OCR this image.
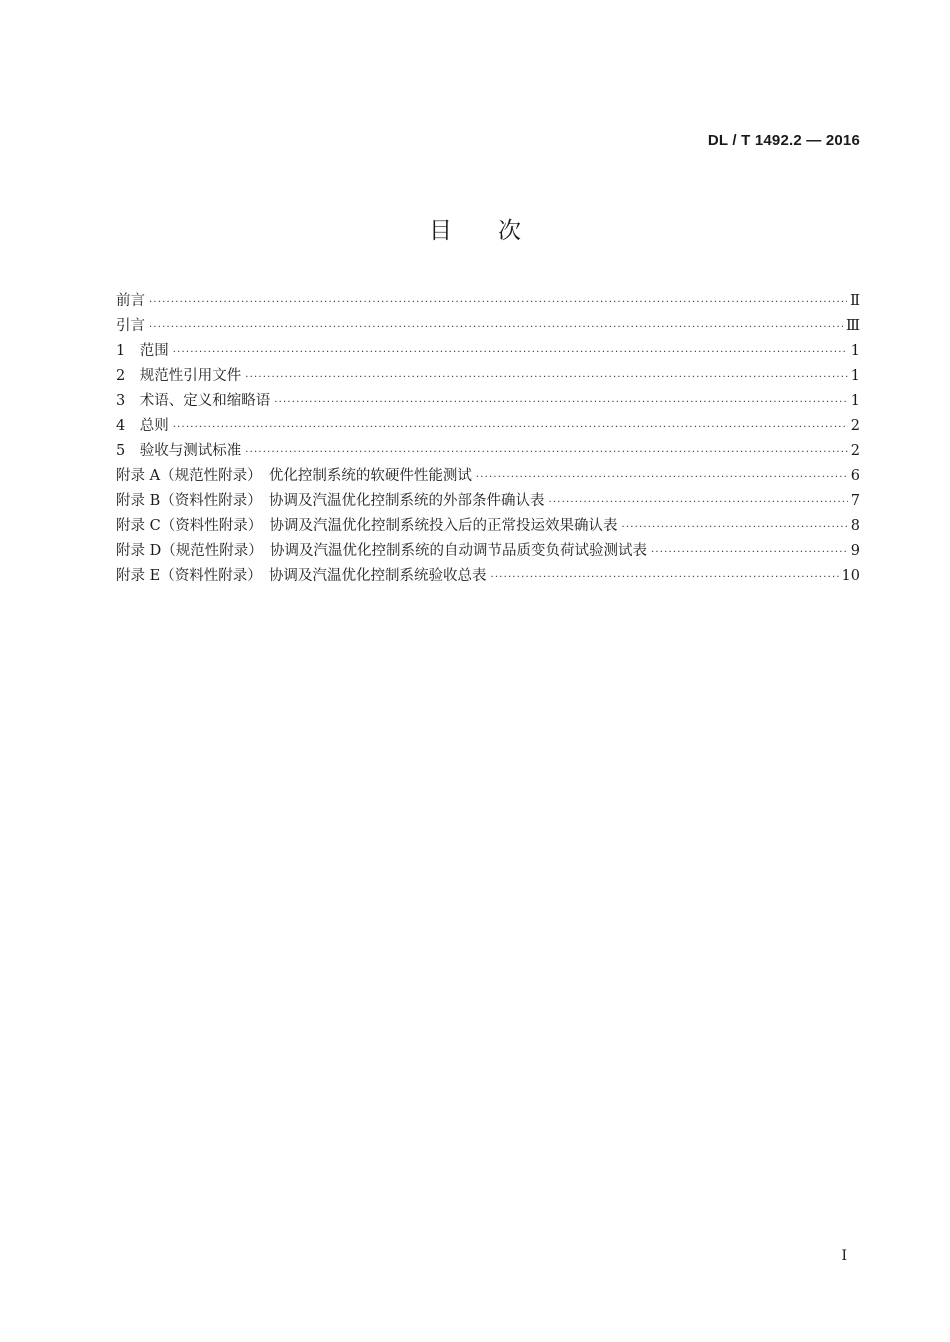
DL / T 1492.2 — 2016
目次
前言 ·····	Ⅱ
引言 ·····	Ⅲ
1　范围 ·····	1
2　规范性引用文件 ·····	1
3　术语、定义和缩略语 ·····	1
4　总则 ·····	2
5　验收与测试标准 ·····	2
附录 A（规范性附录）　优化控制系统的软硬件性能测试 ·····	6
附录 B（资料性附录）　协调及汽温优化控制系统的外部条件确认表 ·····	7
附录 C（资料性附录）　协调及汽温优化控制系统投入后的正常投运效果确认表 ·····	8
附录 D（规范性附录）　协调及汽温优化控制系统的自动调节品质变负荷试验测试表 ·····	9
附录 E（资料性附录）　协调及汽温优化控制系统验收总表 ·····	10
I
